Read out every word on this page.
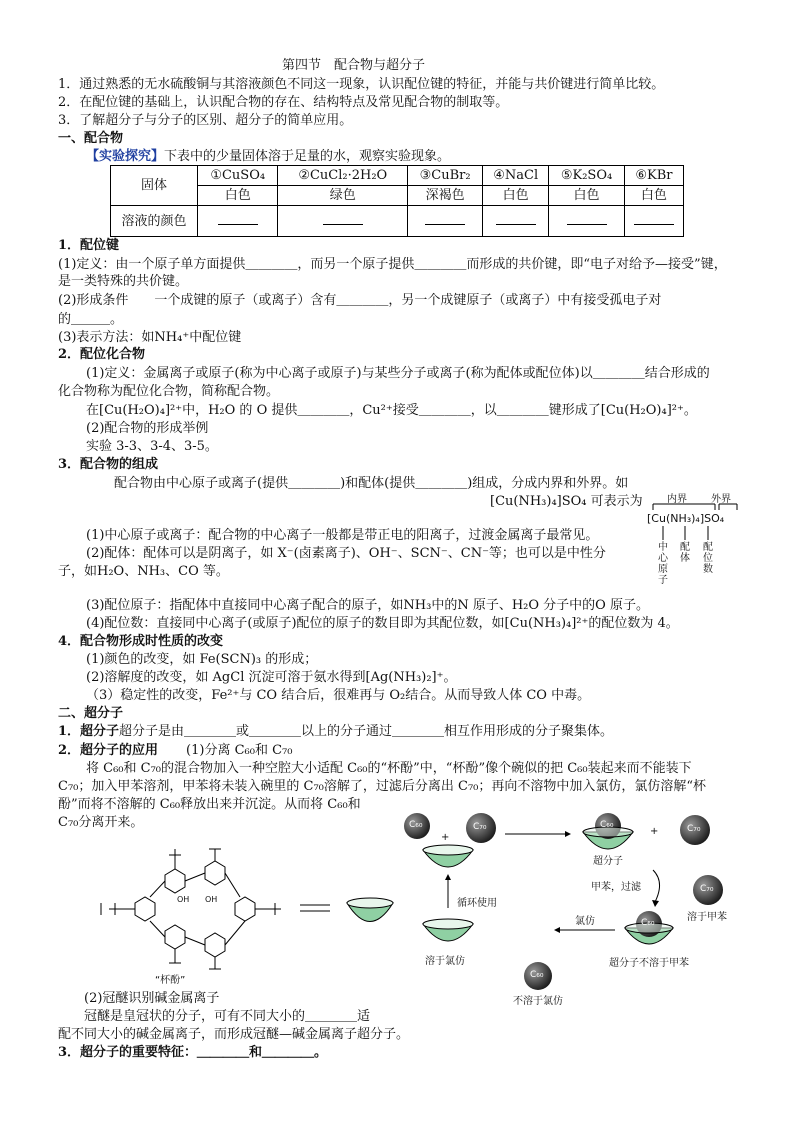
第四节　配合物与超分子
1．通过熟悉的无水硫酸铜与其溶液颜色不同这一现象，认识配位键的特征，并能与共价键进行简单比较。
2．在配位键的基础上，认识配合物的存在、结构特点及常见配合物的制取等。
3．了解超分子与分子的区别、超分子的简单应用。
一、配合物
【实验探究】下表中的少量固体溶于足量的水，观察实验现象。
固体	①CuSO₄	②CuCl₂·2H₂O	③CuBr₂	④NaCl	⑤K₂SO₄	⑥KBr
	白色	绿色	深褐色	白色	白色	白色
溶液的颜色						
1．配位键
(1)定义：由一个原子单方面提供＿＿＿＿，而另一个原子提供＿＿＿＿而形成的共价键，即“电子对给予—接受”键，
是一类特殊的共价键。
(2)形成条件　　一个成键的原子（或离子）含有＿＿＿＿，另一个成键原子（或离子）中有接受孤电子对
的＿＿＿。
(3)表示方法：如NH₄⁺中配位键
2．配位化合物
(1)定义：金属离子或原子(称为中心离子或原子)与某些分子或离子(称为配体或配位体)以＿＿＿＿结合形成的
化合物称为配位化合物，简称配合物。
在[Cu(H₂O)₄]²⁺中，H₂O 的 O 提供＿＿＿＿，Cu²⁺接受＿＿＿＿，以＿＿＿＿键形成了[Cu(H₂O)₄]²⁺。
(2)配合物的形成举例
实验 3-3、3-4、3-5。
3．配合物的组成
配合物由中心原子或离子(提供＿＿＿＿)和配体(提供＿＿＿＿)组成，分成内界和外界。如
[Cu(NH₃)₄]SO₄ 可表示为
(1)中心原子或离子：配合物的中心离子一般都是带正电的阳离子，过渡金属离子最常见。
(2)配体：配体可以是阴离子，如 X⁻(卤素离子)、OH⁻、SCN⁻、CN⁻等；也可以是中性分
子，如H₂O、NH₃、CO 等。
(3)配位原子：指配体中直接同中心离子配合的原子，如NH₃中的N 原子、H₂O 分子中的O 原子。
(4)配位数：直接同中心离子(或原子)配位的原子的数目即为其配位数，如[Cu(NH₃)₄]²⁺的配位数为 4。
内界 外界
[Cu(NH₃)₄]SO₄
中心原子
配体
配位数
4．配合物形成时性质的改变
(1)颜色的改变，如 Fe(SCN)₃ 的形成；
(2)溶解度的改变，如 AgCl 沉淀可溶于氨水得到[Ag(NH₃)₂]⁺。
（3）稳定性的改变，Fe²⁺与 CO 结合后，很难再与 O₂结合。从而导致人体 CO 中毒。
二、超分子
1．超分子超分子是由＿＿＿＿或＿＿＿＿以上的分子通过＿＿＿＿相互作用形成的分子聚集体。
2．超分子的应用 (1)分离 C₆₀和 C₇₀
将 C₆₀和 C₇₀的混合物加入一种空腔大小适配 C₆₀的“杯酚”中，“杯酚”像个碗似的把 C₆₀装起来而不能装下
C₇₀；加入甲苯溶剂，甲苯将未装入碗里的 C₇₀溶解了，过滤后分离出 C₇₀；再向不溶物中加入氯仿，氯仿溶解“杯
酚”而将不溶解的 C₆₀释放出来并沉淀。从而将 C₆₀和
C₇₀分离开来。
(2)冠醚识别碱金属离子
冠醚是皇冠状的分子，可有不同大小的＿＿＿＿适
配不同大小的碱金属离子，而形成冠醚—碱金属离子超分子。
3．超分子的重要特征：＿＿＿＿和＿＿＿＿。
OH OH
“杯酚”
C₆₀
+
C₇₀	C₆₀
+	C₇₀
超分子
甲苯，过滤	C₇₀
溶于甲苯
循环使用
C₆₀
氯仿
超分子不溶于甲苯
溶于氯仿
C₆₀
不溶于氯仿
